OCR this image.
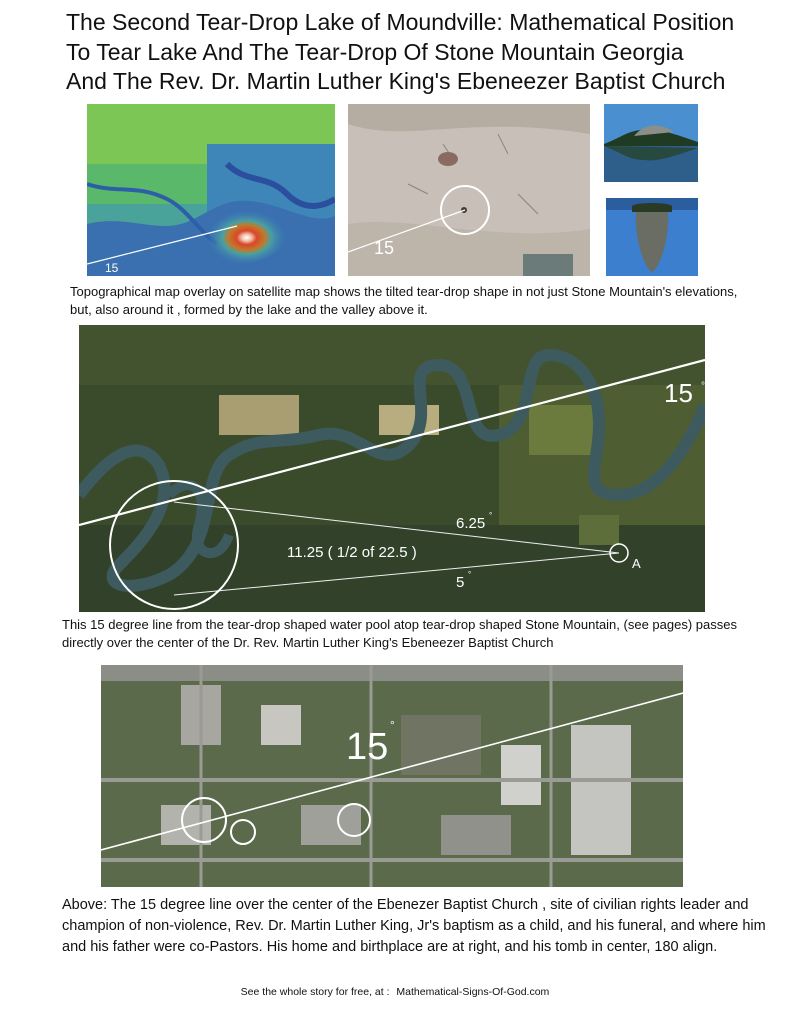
The Second Tear-Drop Lake of Moundville: Mathematical Position
To Tear Lake And The Tear-Drop Of Stone Mountain Georgia
And The Rev. Dr. Martin Luther King's Ebeneezer Baptist Church
15
15
Topographical map overlay on satellite map shows the tilted tear-drop shape in not just Stone Mountain's elevations, but, also around it , formed by the lake and the valley above it.
15 °
6.25 °
11.25 ( 1/2 of 22.5 )
5 °
A
This 15 degree line from the tear-drop shaped water pool atop tear-drop shaped Stone Mountain, (see pages) passes directly over the center of the Dr. Rev. Martin Luther King's Ebeneezer Baptist Church
15
°
Above: The 15 degree line over the center of the Ebenezer Baptist Church , site of civilian rights leader and champion of non-violence, Rev. Dr. Martin Luther King, Jr's baptism as a child, and his funeral, and where him and his father were co-Pastors. His home and birthplace are at right, and his tomb in center, 180 align.
See the whole story for free, at : Mathematical-Signs-Of-God.com
